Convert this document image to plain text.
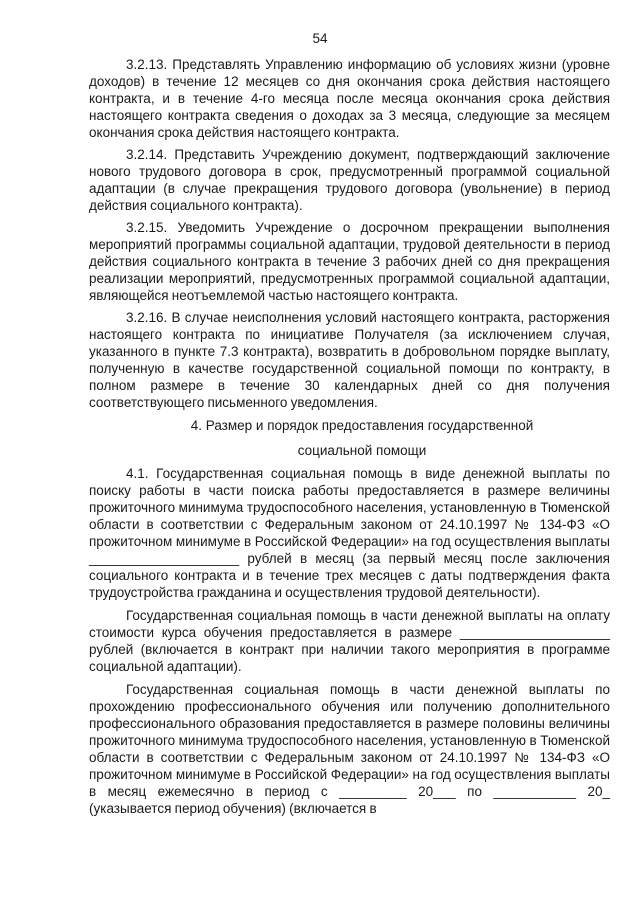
54

3.2.13. Представлять Управлению информацию об условиях жизни (уровне доходов) в течение 12 месяцев со дня окончания срока действия настоящего контракта, и в течение 4-го месяца после месяца окончания срока действия настоящего контракта сведения о доходах за 3 месяца, следующие за месяцем окончания срока действия настоящего контракта.

3.2.14. Представить Учреждению документ, подтверждающий заключение нового трудового договора в срок, предусмотренный программой социальной адаптации (в случае прекращения трудового договора (увольнение) в период действия социального контракта).

3.2.15. Уведомить Учреждение о досрочном прекращении выполнения мероприятий программы социальной адаптации, трудовой деятельности в период действия социального контракта в течение 3 рабочих дней со дня прекращения реализации мероприятий, предусмотренных программой социальной адаптации, являющейся неотъемлемой частью настоящего контракта.

3.2.16. В случае неисполнения условий настоящего контракта, расторжения настоящего контракта по инициативе Получателя (за исключением случая, указанного в пункте 7.3 контракта), возвратить в добровольном порядке выплату, полученную в качестве государственной социальной помощи по контракту, в полном размере в течение 30 календарных дней со дня получения соответствующего письменного уведомления.

4. Размер и порядок предоставления государственной

социальной помощи

4.1. Государственная социальная помощь в виде денежной выплаты по поиску работы в части поиска работы предоставляется в размере величины прожиточного минимума трудоспособного населения, установленную в Тюменской области в соответствии с Федеральным законом от 24.10.1997 № 134-ФЗ «О прожиточном минимуме в Российской Федерации» на год осуществления выплаты ____________________ рублей в месяц (за первый месяц после заключения социального контракта и в течение трех месяцев с даты подтверждения факта трудоустройства гражданина и осуществления трудовой деятельности).

Государственная социальная помощь в части денежной выплаты на оплату стоимости курса обучения предоставляется в размере ____________________ рублей (включается в контракт при наличии такого мероприятия в программе социальной адаптации).

Государственная социальная помощь в части денежной выплаты по прохождению профессионального обучения или получению дополнительного профессионального образования предоставляется в размере половины величины прожиточного минимума трудоспособного населения, установленную в Тюменской области в соответствии с Федеральным законом от 24.10.1997 № 134-ФЗ «О прожиточном минимуме в Российской Федерации» на год осуществления выплаты в месяц ежемесячно в период с _________ 20___ по ___________ 20_ (указывается период обучения) (включается в
